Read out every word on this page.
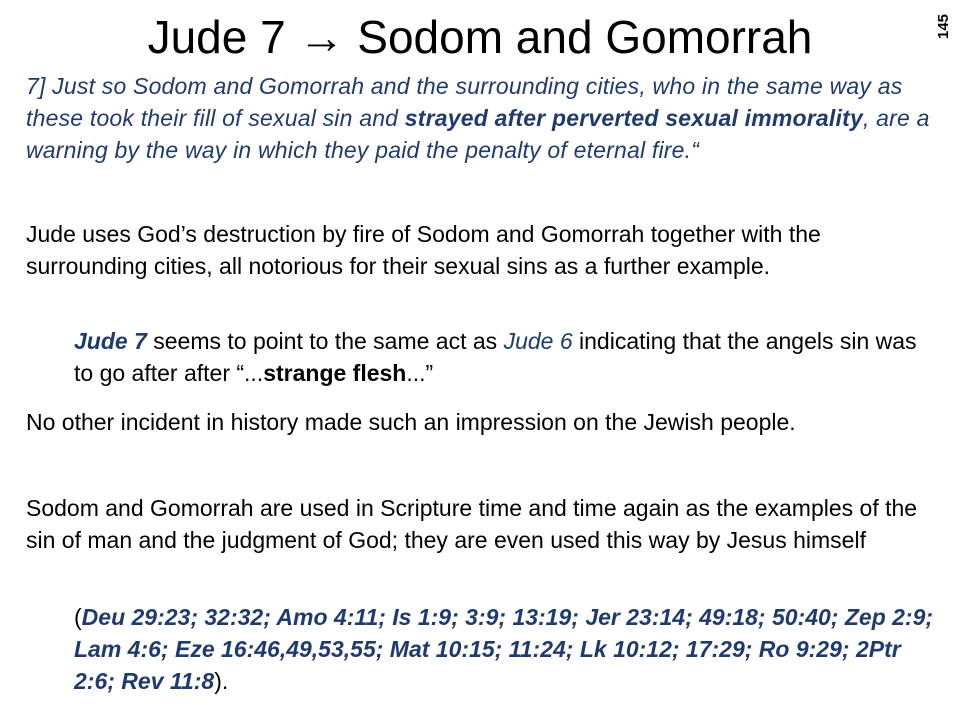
Jude 7 → Sodom and Gomorrah	145
7] Just so Sodom and Gomorrah and the surrounding cities, who in the same way as these took their fill of sexual sin and strayed after perverted sexual immorality, are a warning by the way in which they paid the penalty of eternal fire.“
Jude uses God’s destruction by fire of Sodom and Gomorrah together with the surrounding cities, all notorious for their sexual sins as a further example.
Jude 7 seems to point to the same act as Jude 6 indicating that the angels sin was to go after after “...strange flesh...”
No other incident in history made such an impression on the Jewish people.
Sodom and Gomorrah are used in Scripture time and time again as the examples of the sin of man and the judgment of God; they are even used this way by Jesus himself
(Deu 29:23; 32:32; Amo 4:11; Is 1:9; 3:9; 13:19; Jer 23:14; 49:18; 50:40; Zep 2:9; Lam 4:6; Eze 16:46,49,53,55; Mat 10:15; 11:24; Lk 10:12; 17:29; Ro 9:29; 2Ptr 2:6; Rev 11:8).
